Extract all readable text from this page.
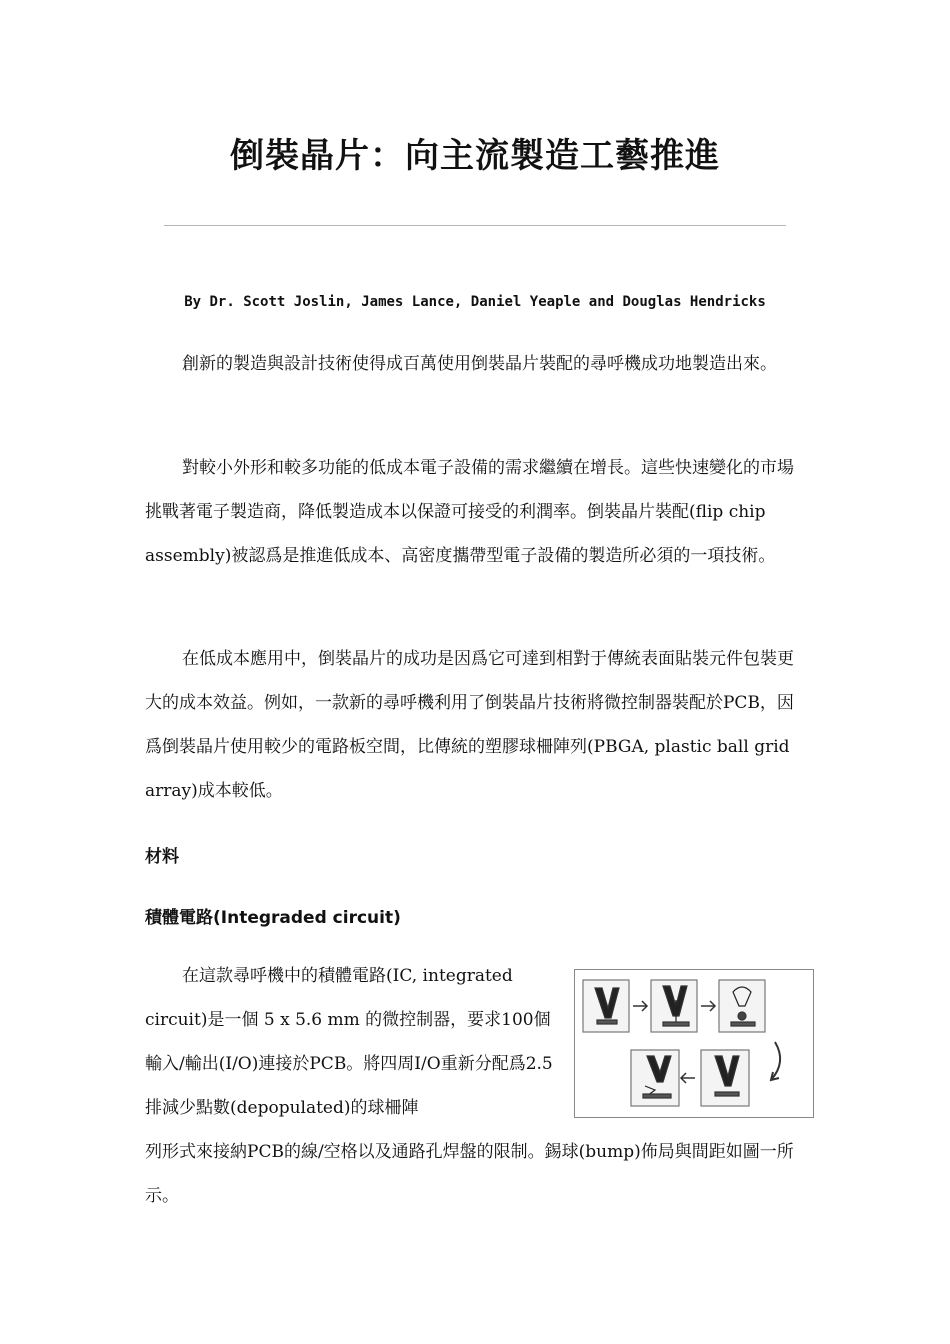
倒裝晶片：向主流製造工藝推進
By Dr. Scott Joslin, James Lance, Daniel Yeaple and Douglas Hendricks

創新的製造與設計技術使得成百萬使用倒裝晶片裝配的尋呼機成功地製造出來。

對較小外形和較多功能的低成本電子設備的需求繼續在增長。這些快速變化的市場挑戰著電子製造商，降低製造成本以保證可接受的利潤率。倒裝晶片裝配(flip chip assembly)被認爲是推進低成本、高密度攜帶型電子設備的製造所必須的一項技術。

在低成本應用中，倒裝晶片的成功是因爲它可達到相對于傳統表面貼裝元件包裝更大的成本效益。例如，一款新的尋呼機利用了倒裝晶片技術將微控制器裝配於PCB，因爲倒裝晶片使用較少的電路板空間，比傳統的塑膠球柵陣列(PBGA, plastic ball grid array)成本較低。

材料
積體電路(Integraded circuit)

在這款尋呼機中的積體電路(IC, integrated circuit)是一個 5 x 5.6 mm 的微控制器，要求100個輸入/輸出(I/O)連接於PCB。將四周I/O重新分配爲2.5排減少點數(depopulated)的球柵陣

列形式來接納PCB的線/空格以及通路孔焊盤的限制。錫球(bump)佈局與間距如圖一所示。
